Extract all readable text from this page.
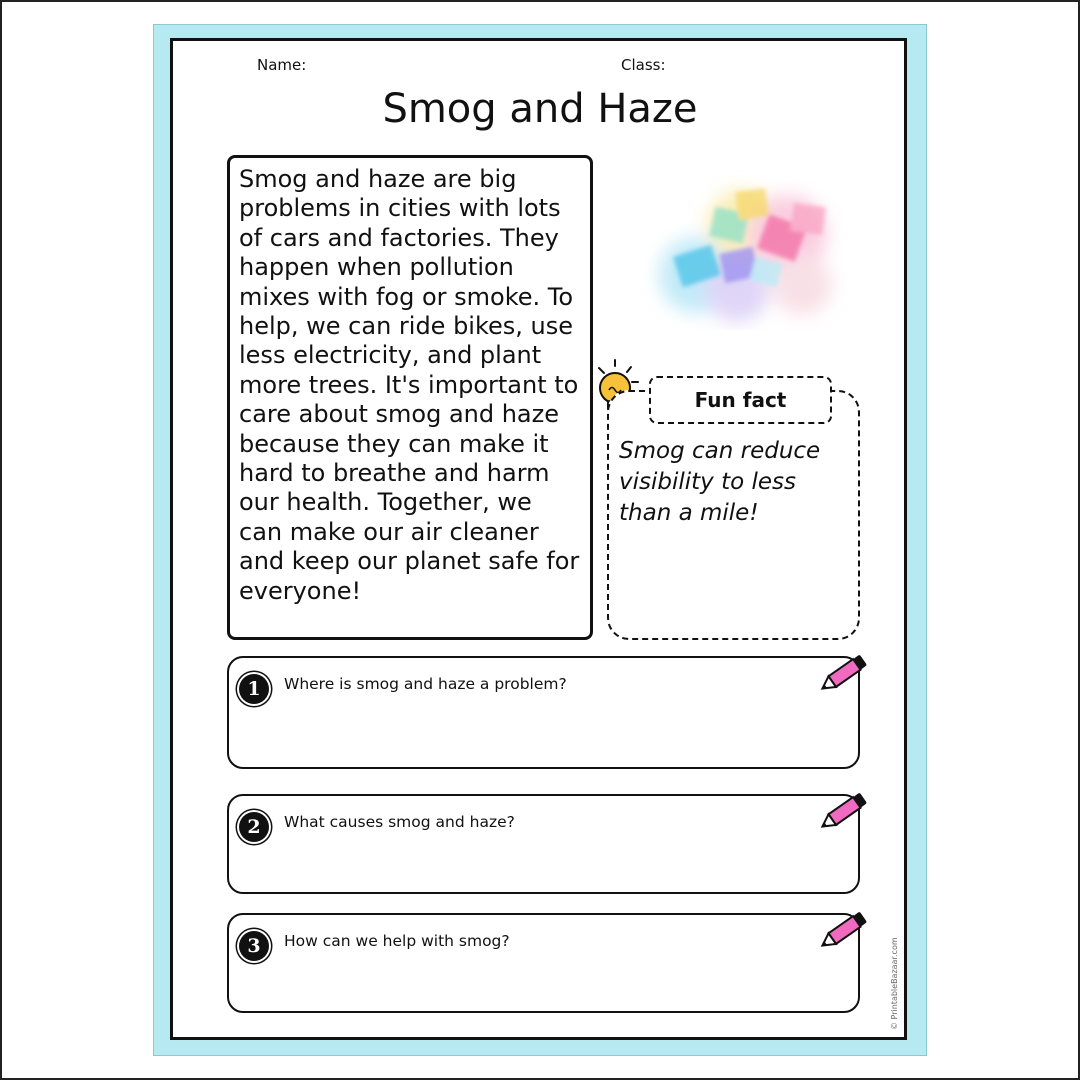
Name:	Class:
Smog and Haze

Smog and haze are big problems in cities with lots of cars and factories. They happen when pollution mixes with fog or smoke. To help, we can ride bikes, use less electricity, and plant more trees. It's important to care about smog and haze because they can make it hard to breathe and harm our health. Together, we can make our air cleaner and keep our planet safe for everyone!

Fun fact

Smog can reduce visibility to less than a mile!

1	Where is smog and haze a problem?
2	What causes smog and haze?
3	How can we help with smog?	© PrintableBazaar.com
